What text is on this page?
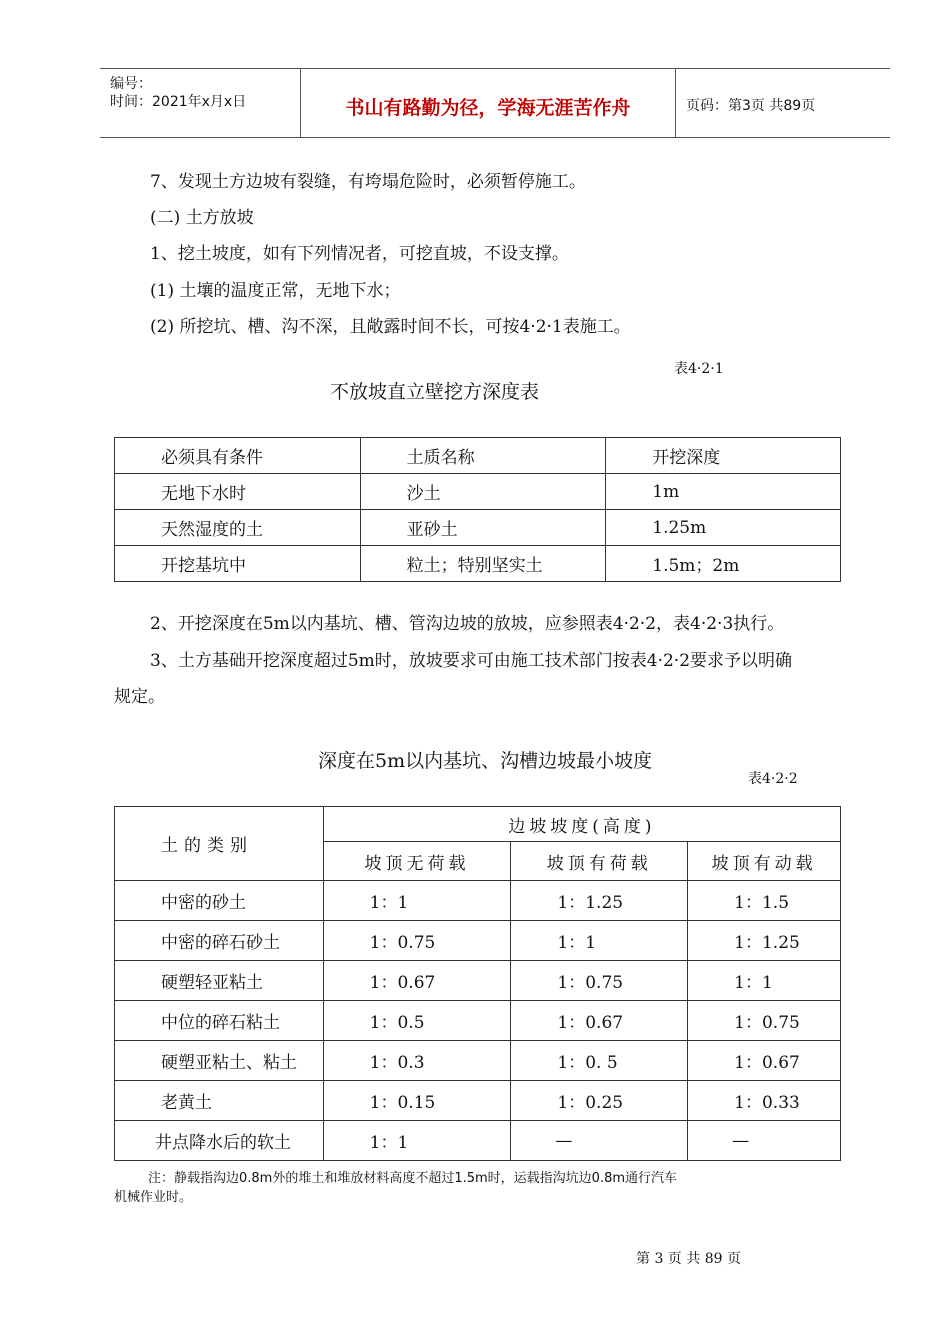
编号：
时间：2021年x月x日	书山有路勤为径，学海无涯苦作舟	页码：第3页 共89页
7、发现土方边坡有裂缝，有垮塌危险时，必须暂停施工。
(二) 土方放坡
1、挖土坡度，如有下列情况者，可挖直坡，不设支撑。
(1) 土壤的温度正常，无地下水；
(2) 所挖坑、槽、沟不深，且敞露时间不长，可按4·2·1表施工。
表4·2·1
不放坡直立壁挖方深度表
必须具有条件	土质名称	开挖深度
无地下水时	沙土	1m
天然湿度的土	亚砂土	1.25m
开挖基坑中	粒土；特别坚实土	1.5m；2m
2、开挖深度在5m以内基坑、槽、管沟边坡的放坡，应参照表4·2·2，表4·2·3执行。
3、土方基础开挖深度超过5m时，放坡要求可由施工技术部门按表4·2·2要求予以明确
规定。
深度在5m以内基坑、沟槽边坡最小坡度
表4·2·2
土的类别	边坡坡度(高度)		
	坡顶无荷载	坡顶有荷载	坡顶有动载
中密的砂土	1：1	1：1.25	1：1.5
中密的碎石砂土	1：0.75	1：1	1：1.25
硬塑轻亚粘土	1：0.67	1：0.75	1：1
中位的碎石粘土	1：0.5	1：0.67	1：0.75
硬塑亚粘土、粘土	1：0.3	1：0. 5	1：0.67
老黄土	1：0.15	1：0.25	1：0.33
井点降水后的软土	1：1	—	—
注：静载指沟边0.8m外的堆土和堆放材料高度不超过1.5m时，运载指沟坑边0.8m通行汽车
机械作业时。
第 3 页 共 89 页
